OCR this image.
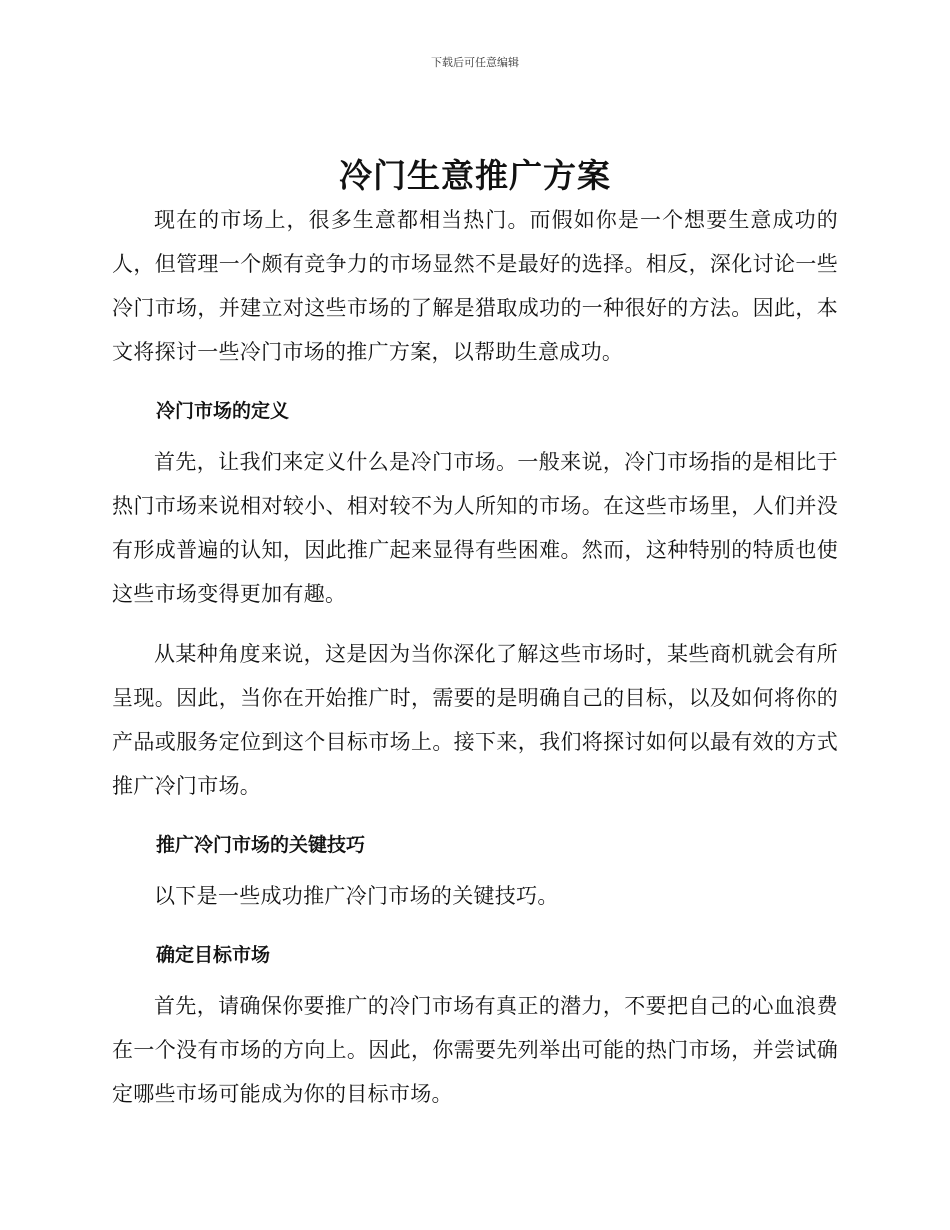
下载后可任意编辑
冷门生意推广方案

现在的市场上，很多生意都相当热门。而假如你是一个想要生意成功的人，但管理一个颇有竞争力的市场显然不是最好的选择。相反，深化讨论一些冷门市场，并建立对这些市场的了解是猎取成功的一种很好的方法。因此，本文将探讨一些冷门市场的推广方案，以帮助生意成功。

冷门市场的定义

首先，让我们来定义什么是冷门市场。一般来说，冷门市场指的是相比于热门市场来说相对较小、相对较不为人所知的市场。在这些市场里，人们并没有形成普遍的认知，因此推广起来显得有些困难。然而，这种特别的特质也使这些市场变得更加有趣。

从某种角度来说，这是因为当你深化了解这些市场时，某些商机就会有所呈现。因此，当你在开始推广时，需要的是明确自己的目标，以及如何将你的产品或服务定位到这个目标市场上。接下来，我们将探讨如何以最有效的方式推广冷门市场。

推广冷门市场的关键技巧

以下是一些成功推广冷门市场的关键技巧。

确定目标市场

首先，请确保你要推广的冷门市场有真正的潜力，不要把自己的心血浪费在一个没有市场的方向上。因此，你需要先列举出可能的热门市场，并尝试确定哪些市场可能成为你的目标市场。
